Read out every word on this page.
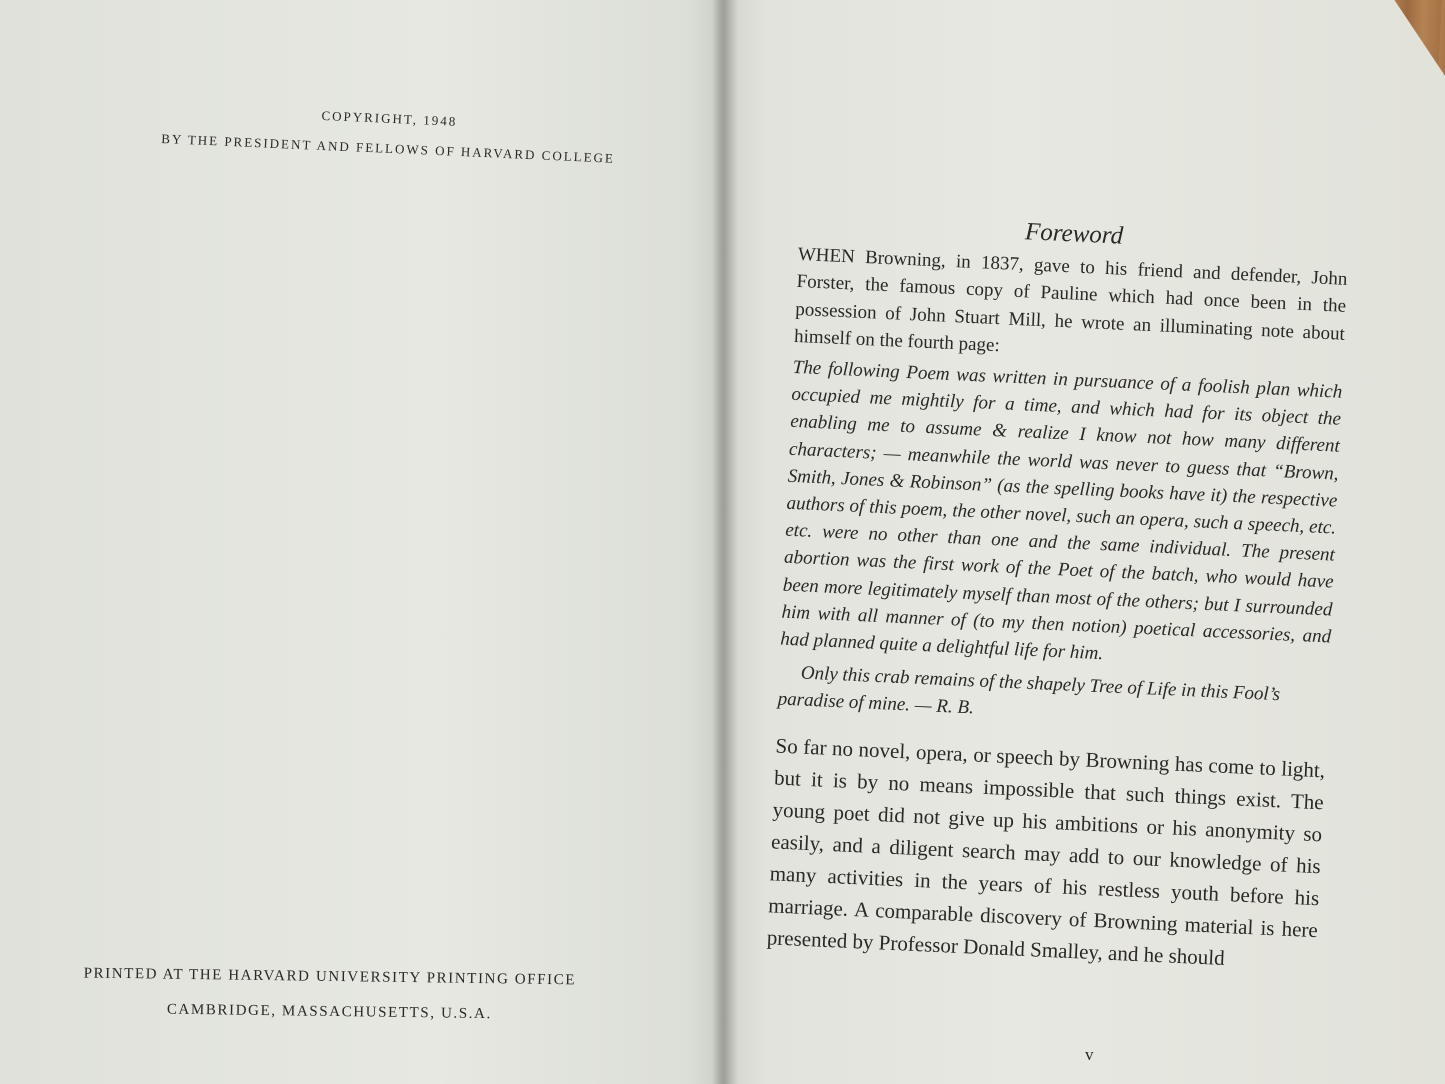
COPYRIGHT, 1948
BY THE PRESIDENT AND FELLOWS OF HARVARD COLLEGE
PRINTED AT THE HARVARD UNIVERSITY PRINTING OFFICE
CAMBRIDGE, MASSACHUSETTS, U.S.A.
Foreword

WHEN Browning, in 1837, gave to his friend and defender, John Forster, the famous copy of Pauline which had once been in the possession of John Stuart Mill, he wrote an illuminating note about himself on the fourth page:

The following Poem was written in pursuance of a foolish plan which occupied me mightily for a time, and which had for its object the enabling me to assume & realize I know not how many different characters; — meanwhile the world was never to guess that “Brown, Smith, Jones & Robinson” (as the spelling books have it) the respective authors of this poem, the other novel, such an opera, such a speech, etc. etc. were no other than one and the same individual. The present abortion was the first work of the Poet of the batch, who would have been more legitimately myself than most of the others; but I surrounded him with all manner of (to my then notion) poetical accessories, and had planned quite a delightful life for him.

Only this crab remains of the shapely Tree of Life in this Fool’s paradise of mine. — R. B.

So far no novel, opera, or speech by Browning has come to light, but it is by no means impossible that such things exist. The young poet did not give up his ambitions or his anonymity so easily, and a diligent search may add to our knowledge of his many activities in the years of his restless youth before his marriage. A comparable discovery of Browning material is here presented by Professor Donald Smalley, and he should

v
